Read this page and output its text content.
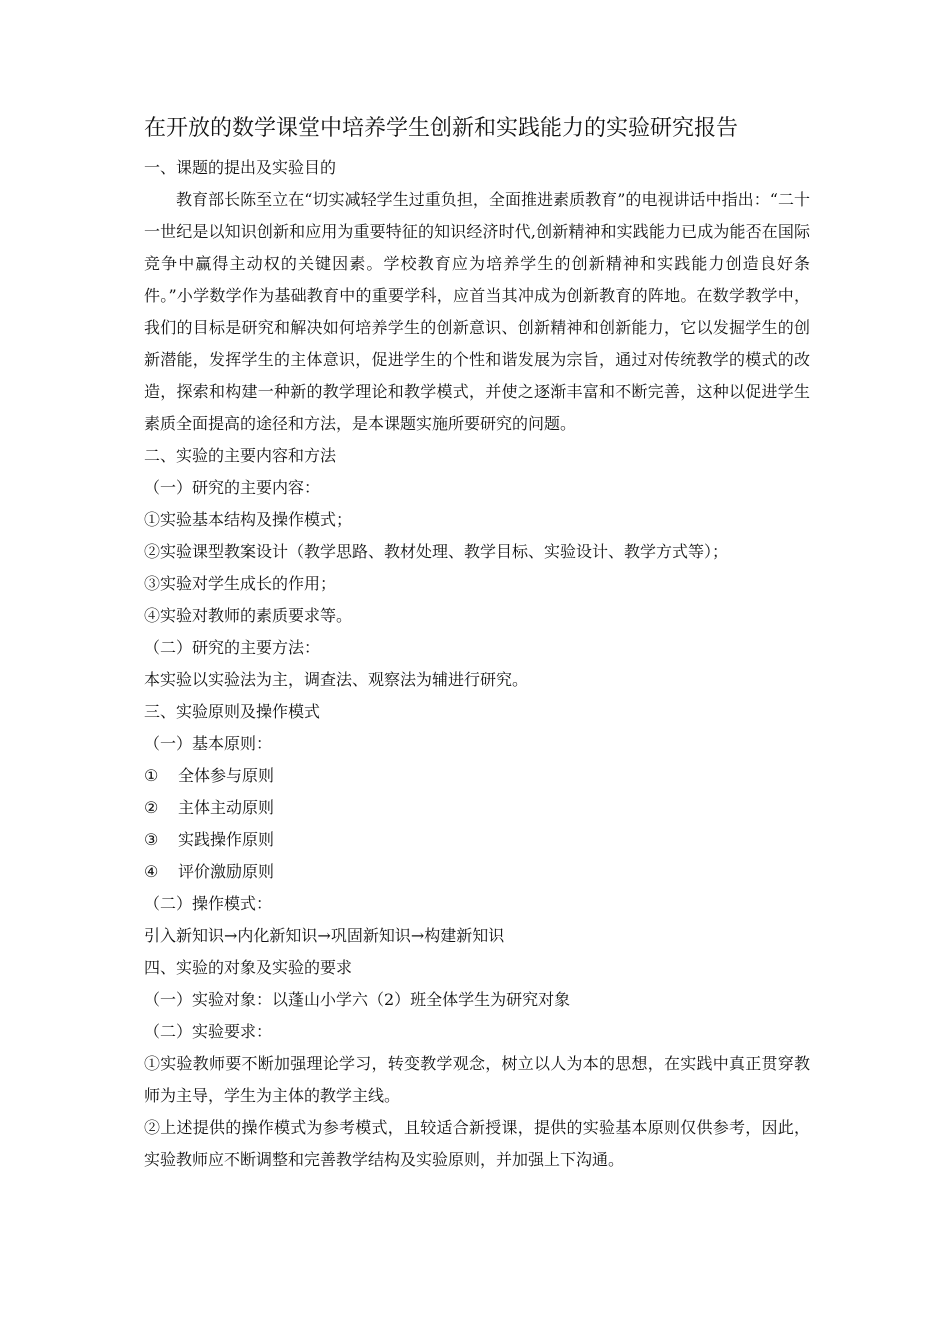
在开放的数学课堂中培养学生创新和实践能力的实验研究报告

一、课题的提出及实验目的

教育部长陈至立在“切实减轻学生过重负担，全面推进素质教育”的电视讲话中指出：“二十一世纪是以知识创新和应用为重要特征的知识经济时代,创新精神和实践能力已成为能否在国际竞争中赢得主动权的关键因素。学校教育应为培养学生的创新精神和实践能力创造良好条件。”小学数学作为基础教育中的重要学科，应首当其冲成为创新教育的阵地。在数学教学中，我们的目标是研究和解决如何培养学生的创新意识、创新精神和创新能力，它以发掘学生的创新潜能，发挥学生的主体意识，促进学生的个性和谐发展为宗旨，通过对传统教学的模式的改造，探索和构建一种新的教学理论和教学模式，并使之逐渐丰富和不断完善，这种以促进学生素质全面提高的途径和方法，是本课题实施所要研究的问题。

二、实验的主要内容和方法

（一）研究的主要内容：

①实验基本结构及操作模式；

②实验课型教案设计（教学思路、教材处理、教学目标、实验设计、教学方式等）；

③实验对学生成长的作用；

④实验对教师的素质要求等。

（二）研究的主要方法：

本实验以实验法为主，调查法、观察法为辅进行研究。

三、实验原则及操作模式

（一）基本原则：

①	全体参与原则

②	主体主动原则

③	实践操作原则

④	评价激励原则

（二）操作模式：

引入新知识→内化新知识→巩固新知识→构建新知识

四、实验的对象及实验的要求

（一）实验对象：以蓬山小学六（2）班全体学生为研究对象

（二）实验要求：

①实验教师要不断加强理论学习，转变教学观念，树立以人为本的思想，在实践中真正贯穿教师为主导，学生为主体的教学主线。

②上述提供的操作模式为参考模式，且较适合新授课，提供的实验基本原则仅供参考，因此，实验教师应不断调整和完善教学结构及实验原则，并加强上下沟通。
